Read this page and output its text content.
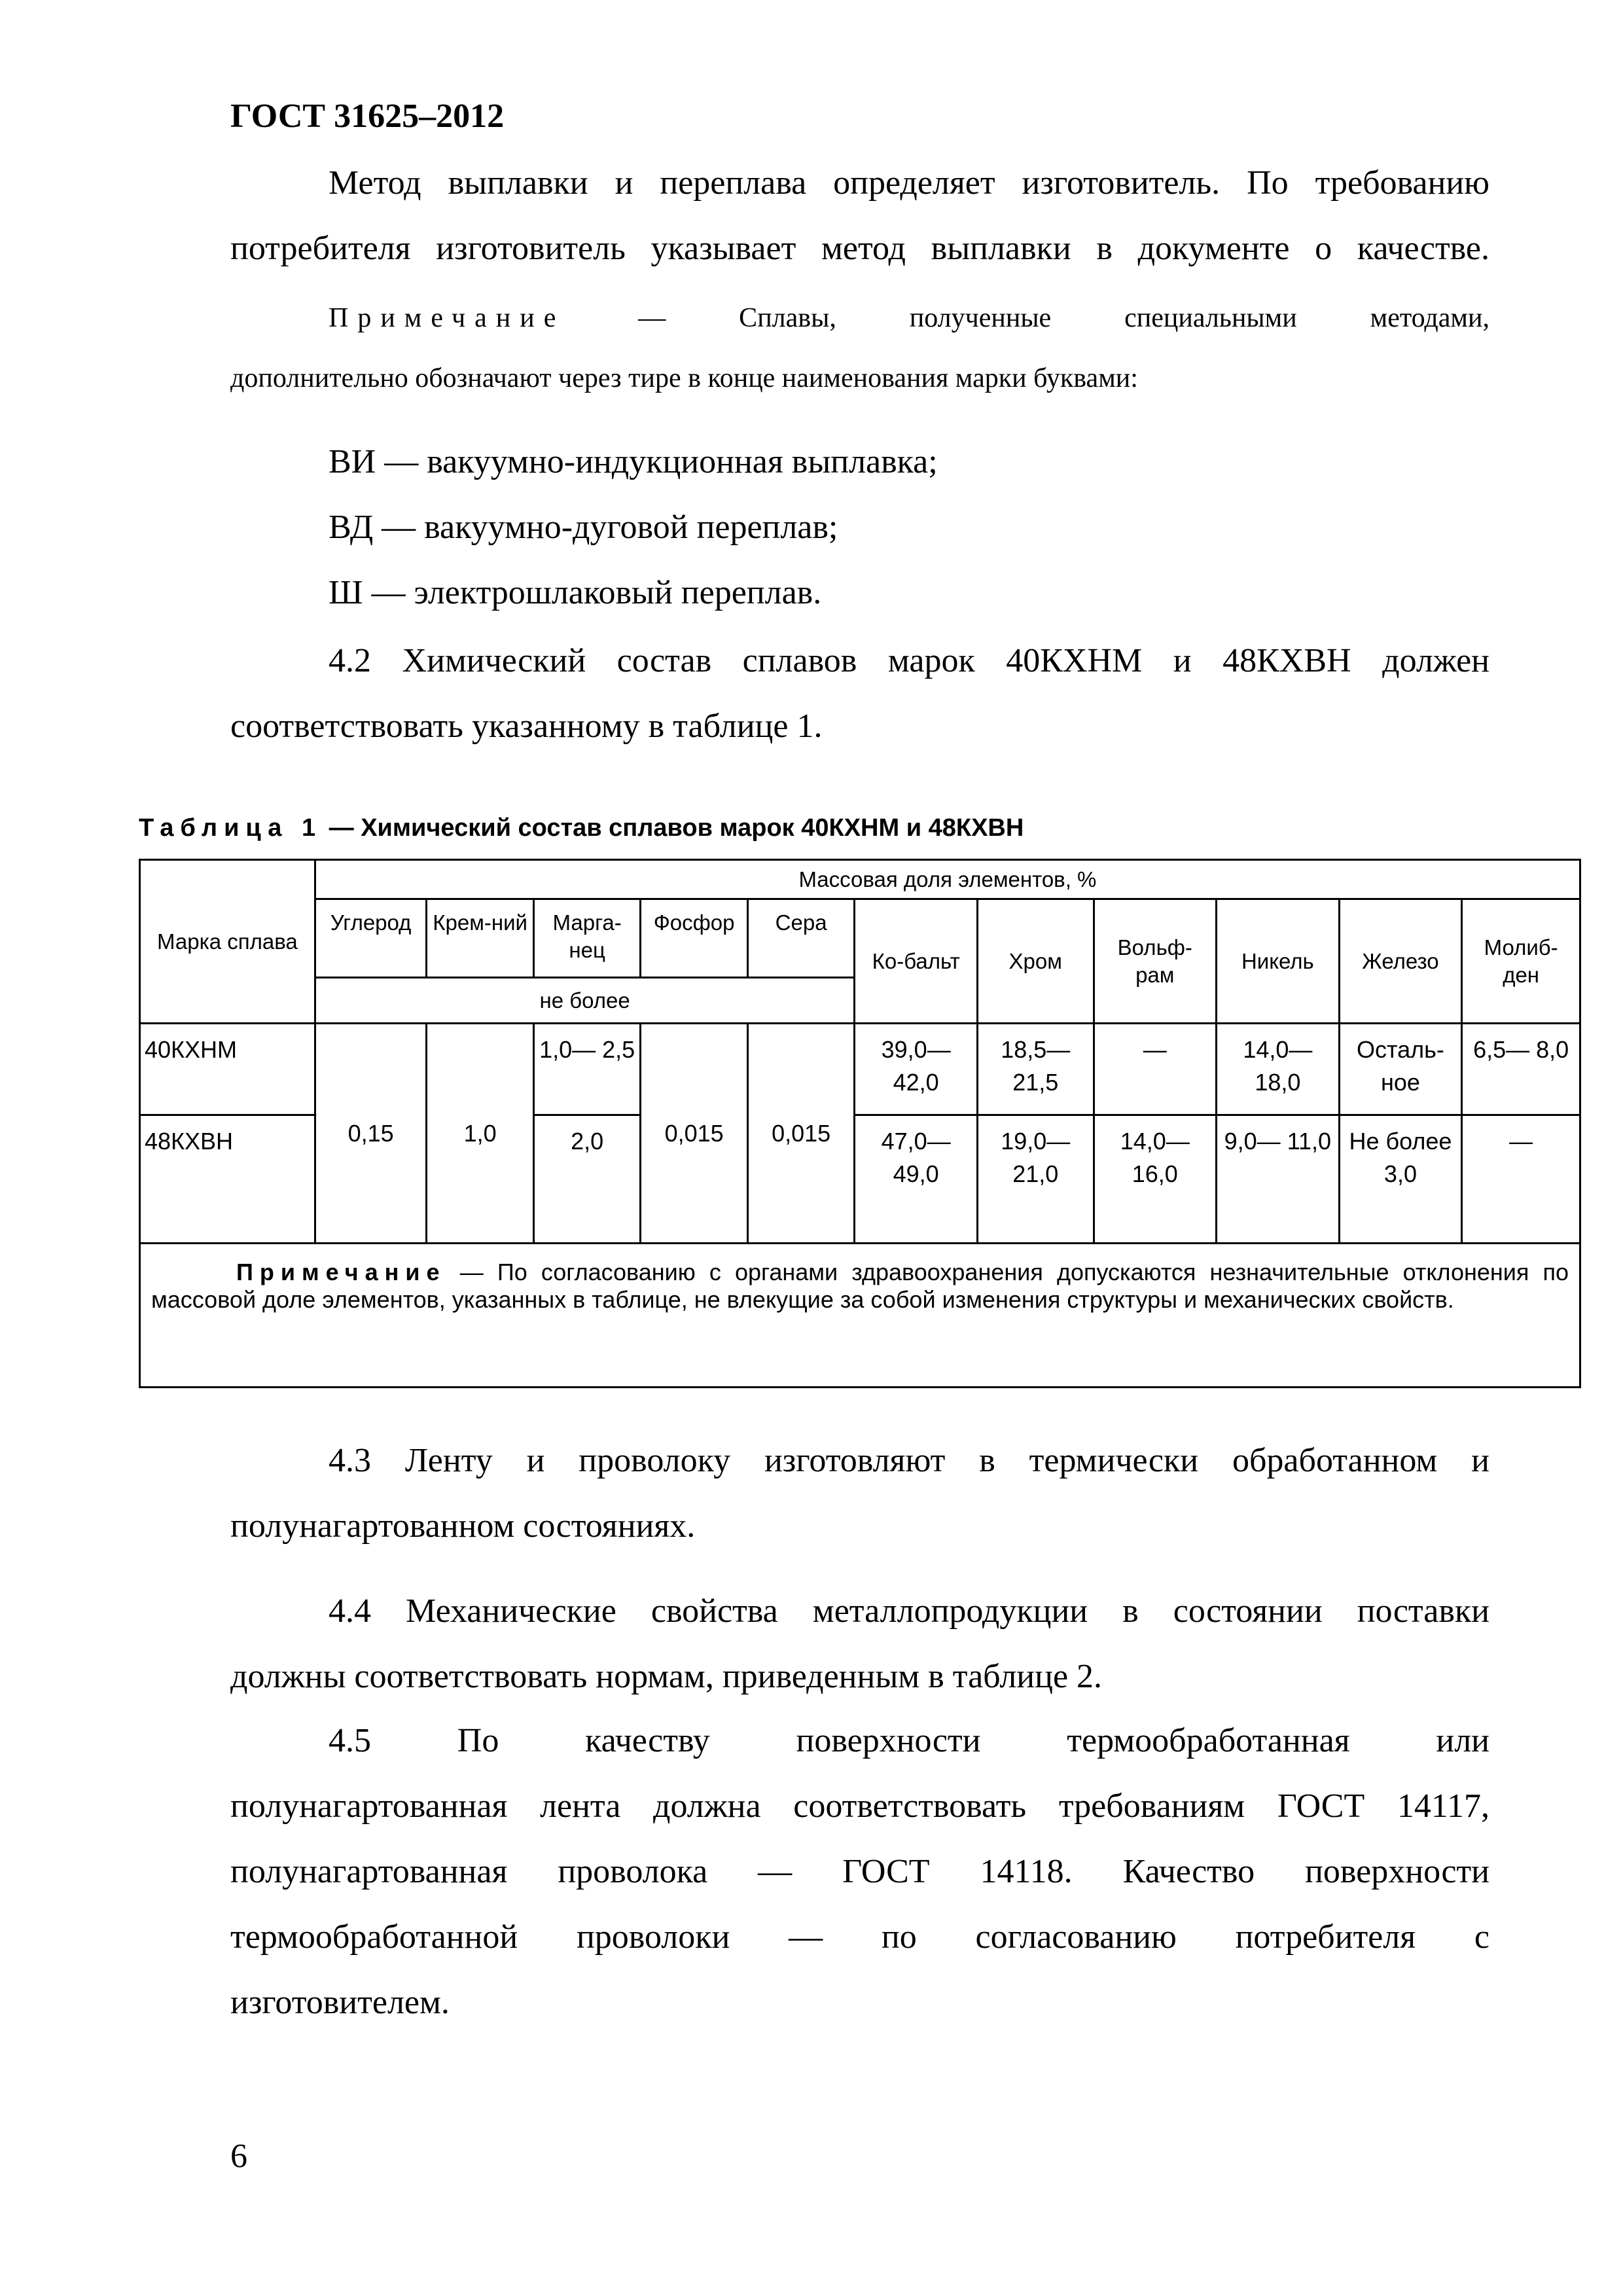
ГОСТ 31625–2012
Метод выплавки и переплава определяет изготовитель. По требованию
потребителя изготовитель указывает метод выплавки в документе о качестве.
Примечание	— Сплавы, полученные специальными методами,
дополнительно обозначают через тире в конце наименования марки буквами:
ВИ — вакуумно-индукционная выплавка;
ВД — вакуумно-дуговой переплав;
Ш — электрошлаковый переплав.
4.2 Химический состав сплавов марок 40КХНМ и 48КХВН должен
соответствовать указанному в таблице 1.
Таблица 1 — Химический состав сплавов марок 40КХНМ и 48КХВН
Марка сплава	Массовая доля элементов, %										
	Углерод	Крем-ний	Марга-нец	Фосфор	Сера	Ко-бальт	Хром	Вольф-рам	Никель	Железо	Молиб-ден
	не более										
40КХНМ	0,15	1,0	1,0— 2,5	0,015	0,015	39,0— 42,0	18,5— 21,5	—	14,0— 18,0	Осталь-ное	6,5— 8,0
48КХВН			2,0			47,0— 49,0	19,0— 21,0	14,0— 16,0	9,0— 11,0	Не более 3,0	—
Примечание — По согласованию с органами здравоохранения допускаются незначительные отклонения по массовой доле элементов, указанных в таблице, не влекущие за собой изменения структуры и механических свойств.											
4.3 Ленту и проволоку изготовляют в термически обработанном и
полунагартованном состояниях.
4.4 Механические свойства металлопродукции в состоянии поставки
должны соответствовать нормам, приведенным в таблице 2.
4.5 По качеству поверхности термообработанная или
полунагартованная лента должна соответствовать требованиям ГОСТ 14117,
полунагартованная проволока — ГОСТ 14118. Качество поверхности
термообработанной проволоки — по согласованию потребителя с
изготовителем.
6
